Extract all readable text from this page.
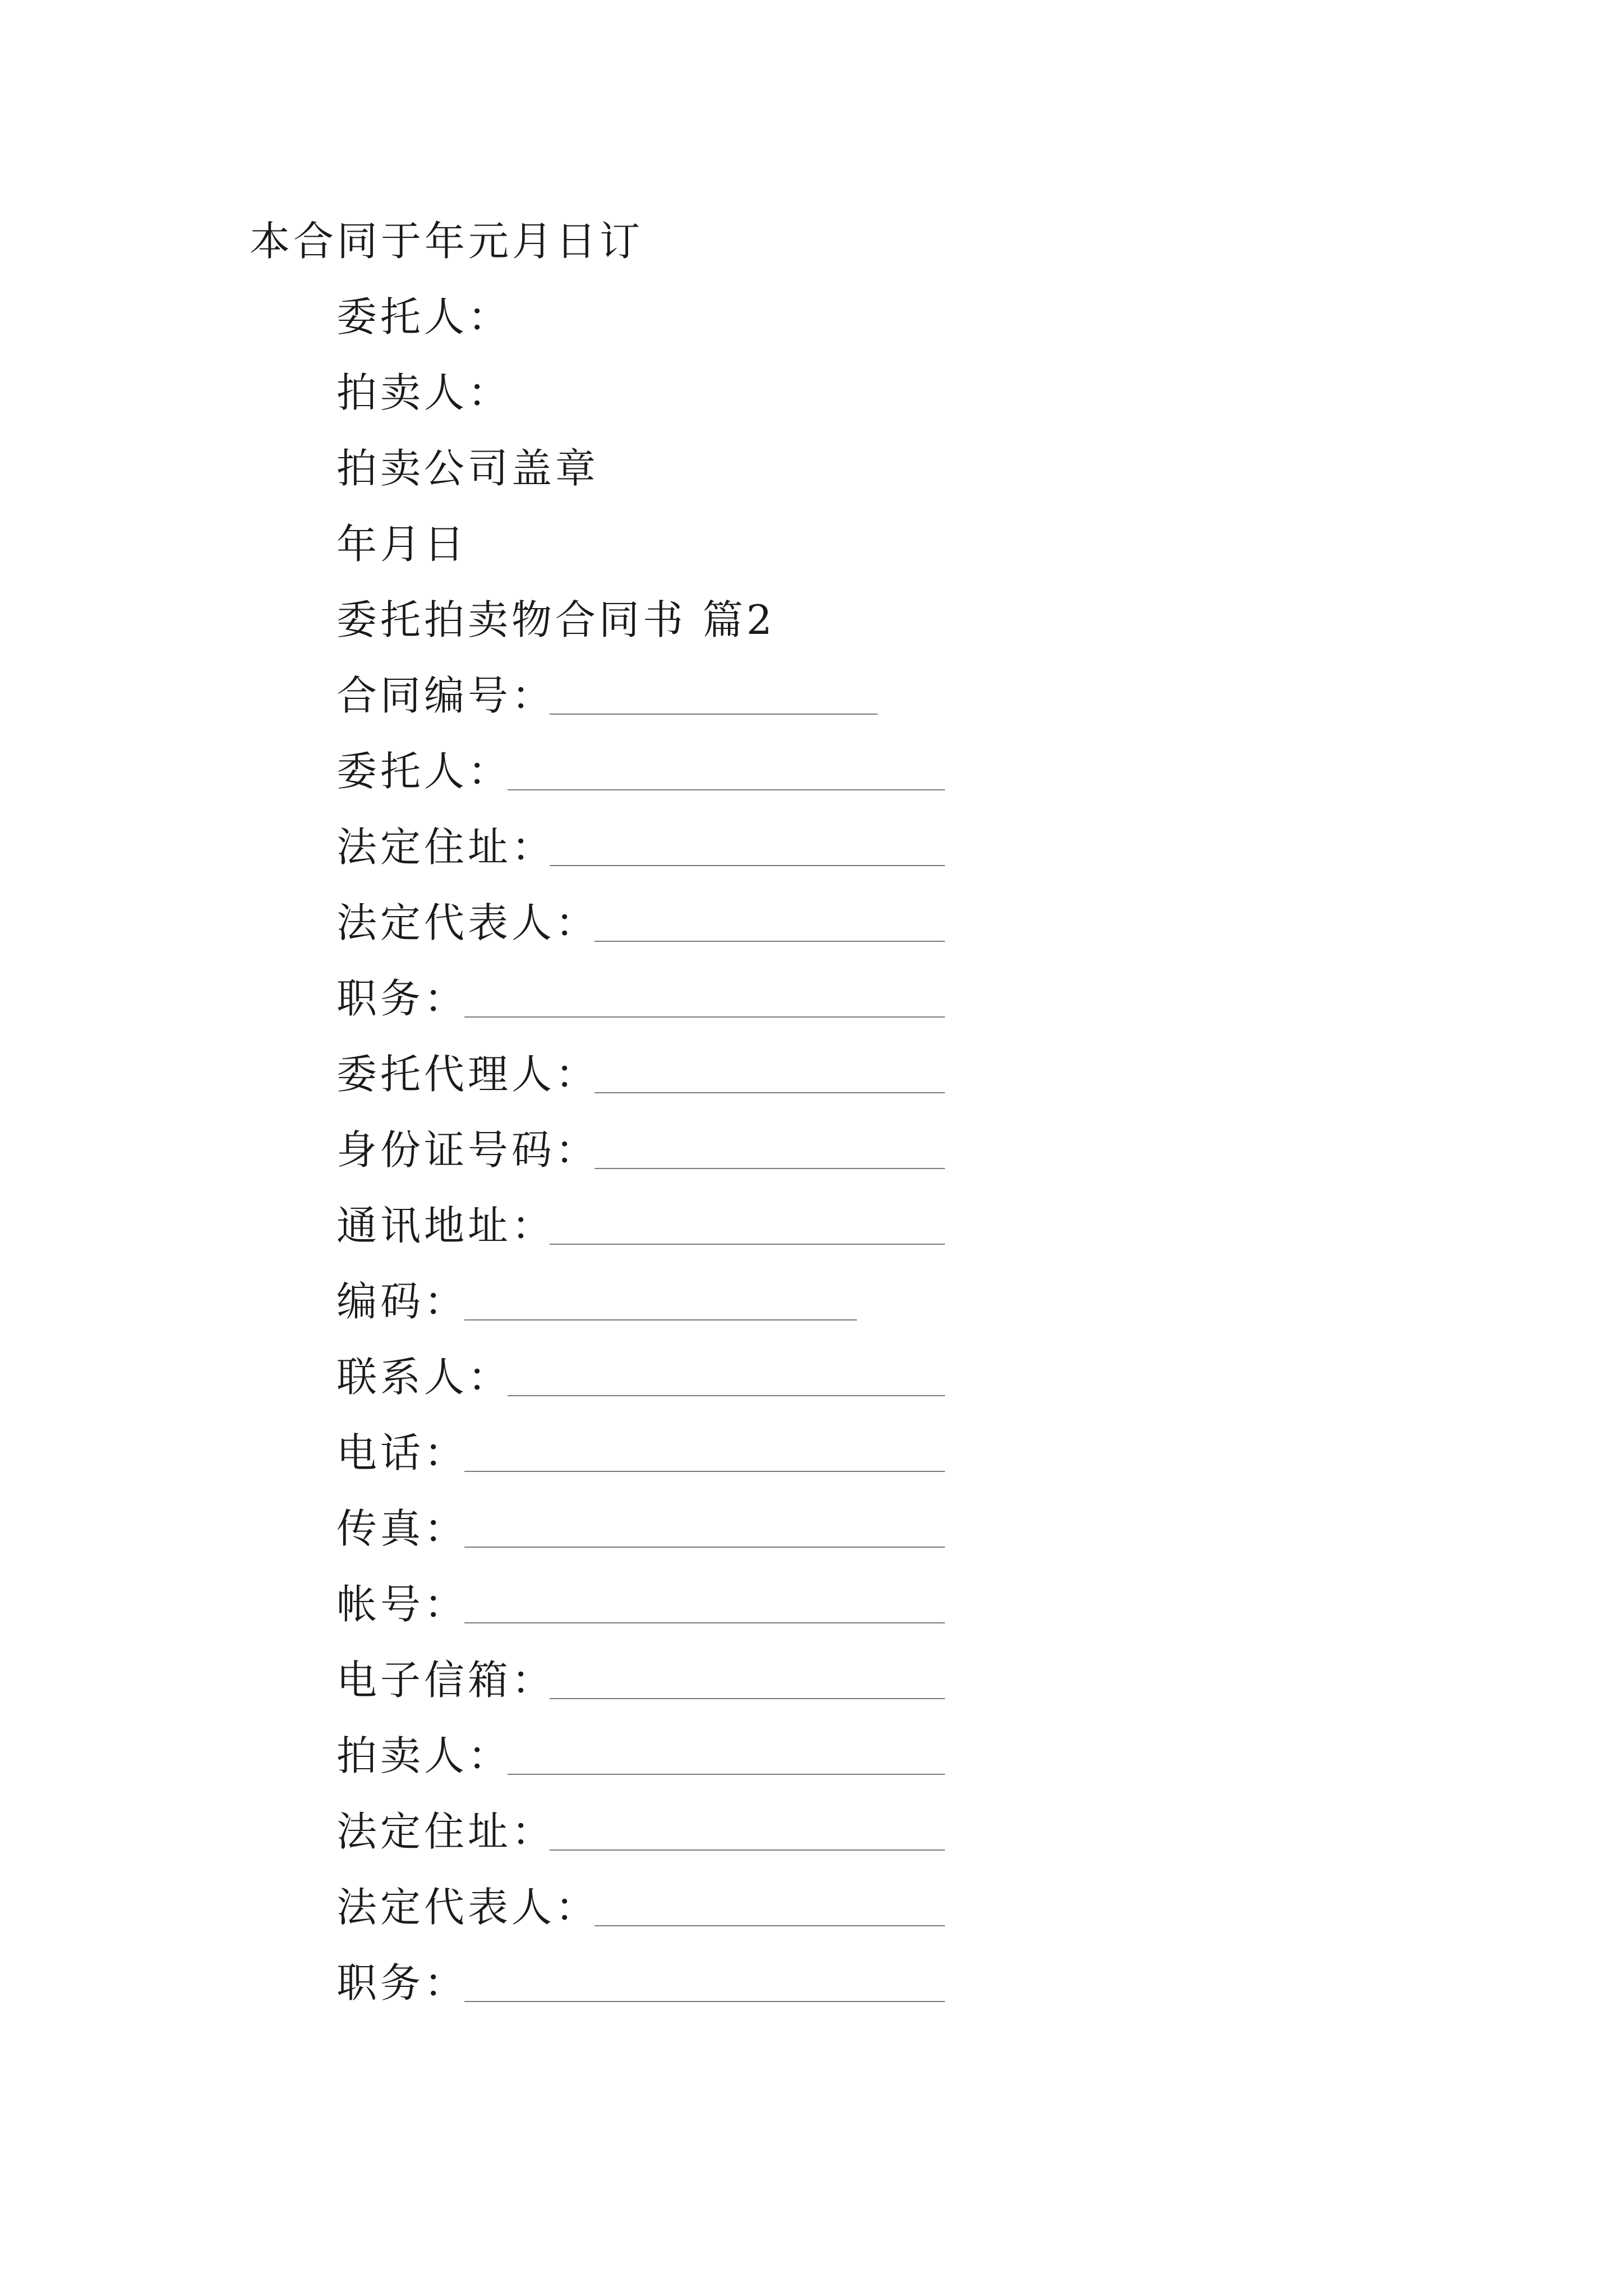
本合同于年元月日订
委托人：
拍卖人：
拍卖公司盖章
年月日
委托拍卖物合同书 篇2
合同编号：
委托人：
法定住址：
法定代表人：
职务：
委托代理人：
身份证号码：
通讯地址：
编码：
联系人：
电话：
传真：
帐号：
电子信箱：
拍卖人：
法定住址：
法定代表人：
职务：
